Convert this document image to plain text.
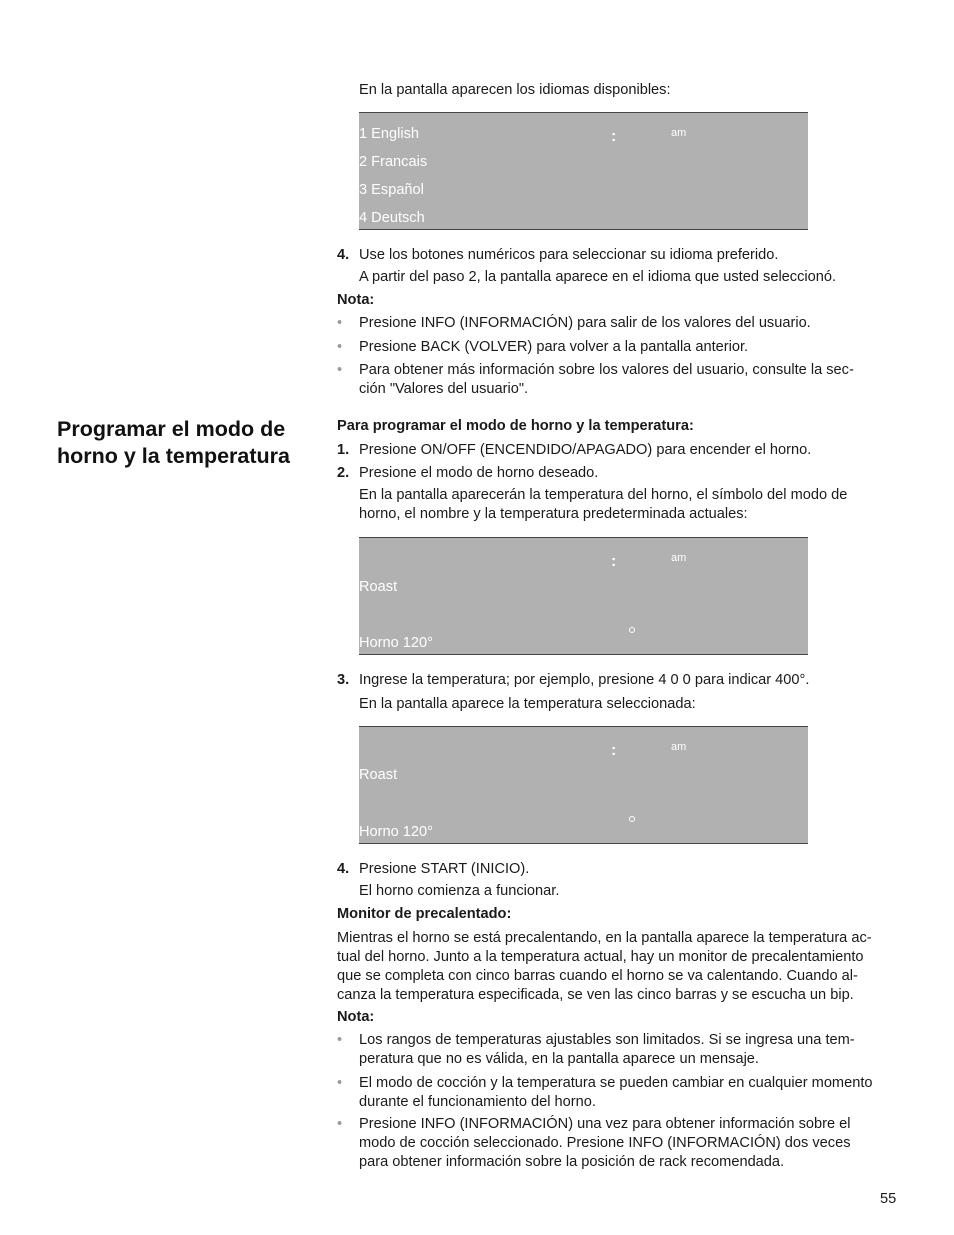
En la pantalla aparecen los idiomas disponibles:
1 English
2 Francais
3 Español
4 Deutsch
:	am
4. Use los botones numéricos para seleccionar su idioma preferido.
A partir del paso 2, la pantalla aparece en el idioma que usted seleccionó.
Nota:
• Presione INFO (INFORMACIÓN) para salir de los valores del usuario.
• Presione BACK (VOLVER) para volver a la pantalla anterior.
• Para obtener más información sobre los valores del usuario, consulte la sec-
ción "Valores del usuario".
Programar el modo de horno y la temperatura
Para programar el modo de horno y la temperatura:
1. Presione ON/OFF (ENCENDIDO/APAGADO) para encender el horno.
2. Presione el modo de horno deseado.
En la pantalla aparecerán la temperatura del horno, el símbolo del modo de
horno, el nombre y la temperatura predeterminada actuales:
:	am
Roast
Horno 120°
3. Ingrese la temperatura; por ejemplo, presione 4 0 0 para indicar 400°.
En la pantalla aparece la temperatura seleccionada:
:	am
Roast
Horno 120°
4. Presione START (INICIO).
El horno comienza a funcionar.
Monitor de precalentado:
Mientras el horno se está precalentando, en la pantalla aparece la temperatura ac-
tual del horno. Junto a la temperatura actual, hay un monitor de precalentamiento
que se completa con cinco barras cuando el horno se va calentando. Cuando al-
canza la temperatura especificada, se ven las cinco barras y se escucha un bip.
Nota:
• Los rangos de temperaturas ajustables son limitados. Si se ingresa una tem-
peratura que no es válida, en la pantalla aparece un mensaje.
• El modo de cocción y la temperatura se pueden cambiar en cualquier momento
durante el funcionamiento del horno.
• Presione INFO (INFORMACIÓN) una vez para obtener información sobre el
modo de cocción seleccionado. Presione INFO (INFORMACIÓN) dos veces
para obtener información sobre la posición de rack recomendada.
55
